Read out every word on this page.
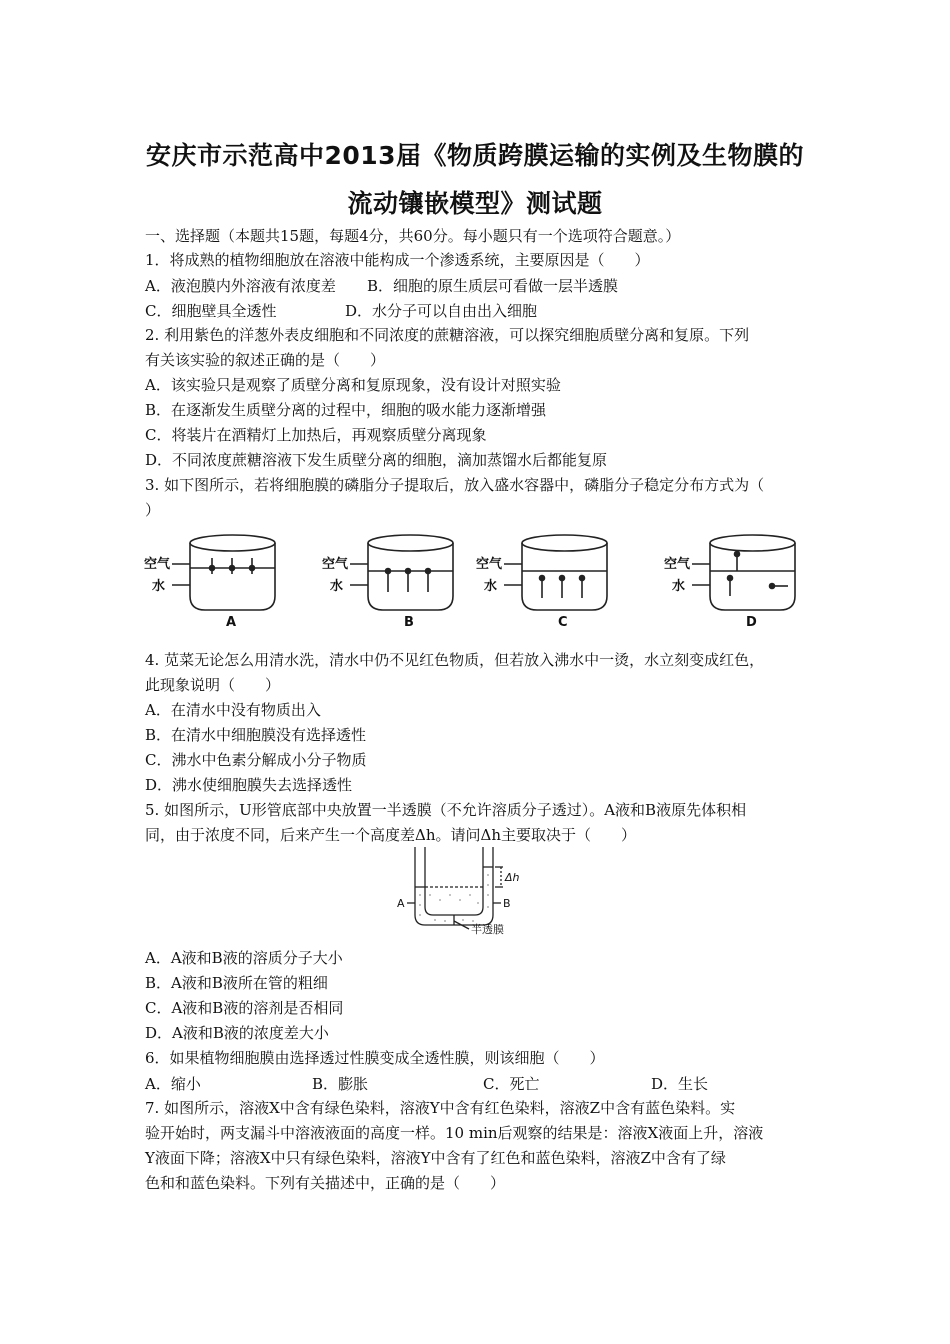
安庆市示范高中2013届《物质跨膜运输的实例及生物膜的
流动镶嵌模型》测试题
一、选择题（本题共15题，每题4分，共60分。每小题只有一个选项符合题意。）
1．将成熟的植物细胞放在溶液中能构成一个渗透系统，主要原因是（　　）
A．液泡膜内外溶液有浓度差 B．细胞的原生质层可看做一层半透膜
C．细胞壁具全透性	D．水分子可以自由出入细胞
2. 利用紫色的洋葱外表皮细胞和不同浓度的蔗糖溶液，可以探究细胞质壁分离和复原。下列
有关该实验的叙述正确的是（　　）
A．该实验只是观察了质壁分离和复原现象，没有设计对照实验
B．在逐渐发生质壁分离的过程中，细胞的吸水能力逐渐增强
C．将装片在酒精灯上加热后，再观察质壁分离现象
D．不同浓度蔗糖溶液下发生质壁分离的细胞，滴加蒸馏水后都能复原
3. 如下图所示，若将细胞膜的磷脂分子提取后，放入盛水容器中，磷脂分子稳定分布方式为（
）
空气
水
空气
水
空气
水
空气
水
A	B	C	D
4. 苋菜无论怎么用清水洗，清水中仍不见红色物质，但若放入沸水中一烫，水立刻变成红色，
此现象说明（　　）
A．在清水中没有物质出入
B．在清水中细胞膜没有选择透性
C．沸水中色素分解成小分子物质
D．沸水使细胞膜失去选择透性
5. 如图所示，U形管底部中央放置一半透膜（不允许溶质分子透过）。A液和B液原先体积相
同，由于浓度不同，后来产生一个高度差Δh。请问Δh主要取决于（　　）
A	B
Δh
半透膜
A．A液和B液的溶质分子大小
B．A液和B液所在管的粗细
C．A液和B液的溶剂是否相同
D．A液和B液的浓度差大小
6．如果植物细胞膜由选择透过性膜变成全透性膜，则该细胞（　　）
A．缩小	B．膨胀	C．死亡	D．生长
7. 如图所示，溶液X中含有绿色染料，溶液Y中含有红色染料，溶液Z中含有蓝色染料。实
验开始时，两支漏斗中溶液液面的高度一样。10 min后观察的结果是：溶液X液面上升，溶液
Y液面下降；溶液X中只有绿色染料，溶液Y中含有了红色和蓝色染料，溶液Z中含有了绿
色和和蓝色染料。下列有关描述中，正确的是（　　）
